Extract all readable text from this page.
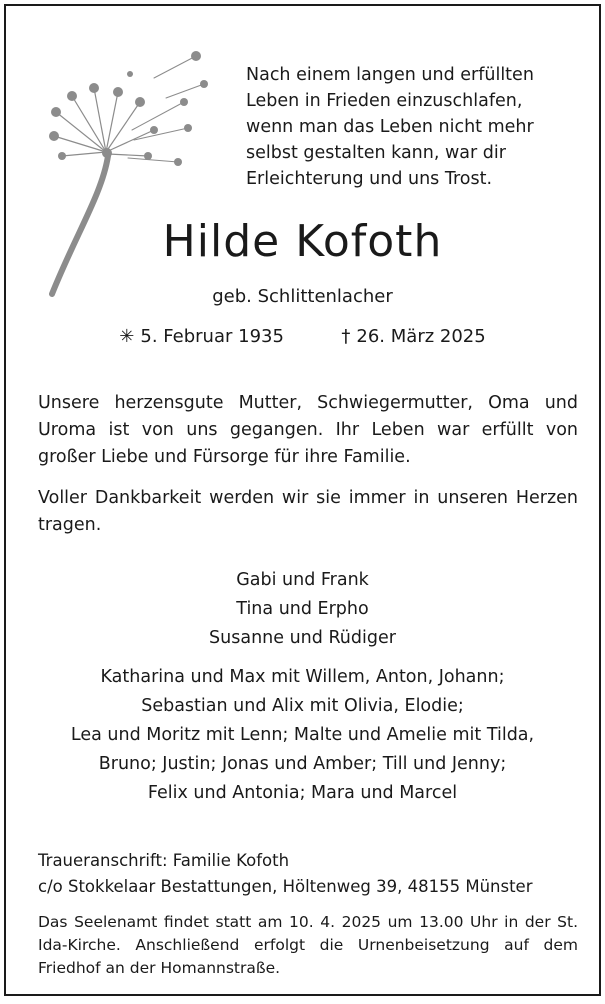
Nach einem langen und erfüllten
Leben in Frieden einzuschlafen,
wenn man das Leben nicht mehr
selbst gestalten kann, war dir
Erleichterung und uns Trost.
Hilde Kofoth
geb. Schlittenlacher
✳ 5. Februar 1935	† 26. März 2025
Unsere herzensgute Mutter, Schwiegermutter, Oma und Uroma ist von uns gegangen. Ihr Leben war erfüllt von großer Liebe und Fürsorge für ihre Familie.
Voller Dankbarkeit werden wir sie immer in unseren Herzen tragen.
Gabi und Frank
Tina und Erpho
Susanne und Rüdiger
Katharina und Max mit Willem, Anton, Johann;
Sebastian und Alix mit Olivia, Elodie;
Lea und Moritz mit Lenn; Malte und Amelie mit Tilda,
Bruno; Justin; Jonas und Amber; Till und Jenny;
Felix und Antonia; Mara und Marcel
Traueranschrift: Familie Kofoth
c/o Stokkelaar Bestattungen, Höltenweg 39, 48155 Münster
Das Seelenamt findet statt am 10. 4. 2025 um 13.00 Uhr in der St. Ida-Kirche. Anschließend erfolgt die Urnenbeisetzung auf dem Friedhof an der Homannstraße.
